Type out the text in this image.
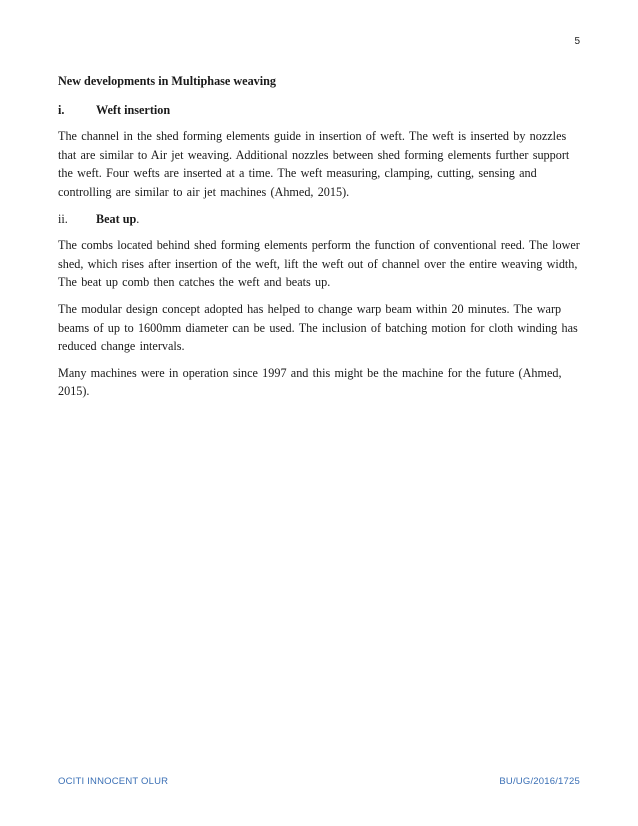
5
New developments in Multiphase weaving
i.	Weft insertion

The channel in the shed forming elements guide in insertion of weft. The weft is inserted by nozzles that are similar to Air jet weaving. Additional nozzles between shed forming elements further support the weft. Four wefts are inserted at a time. The weft measuring, clamping, cutting, sensing and controlling are similar to air jet machines (Ahmed, 2015).

ii.	Beat up.

The combs located behind shed forming elements perform the function of conventional reed. The lower shed, which rises after insertion of the weft, lift the weft out of channel over the entire weaving width, The beat up comb then catches the weft and beats up.

The modular design concept adopted has helped to change warp beam within 20 minutes. The warp beams of up to 1600mm diameter can be used. The inclusion of batching motion for cloth winding has reduced change intervals.

Many machines were in operation since 1997 and this might be the machine for the future (Ahmed, 2015).

OCITI INNOCENT OLUR	BU/UG/2016/1725
